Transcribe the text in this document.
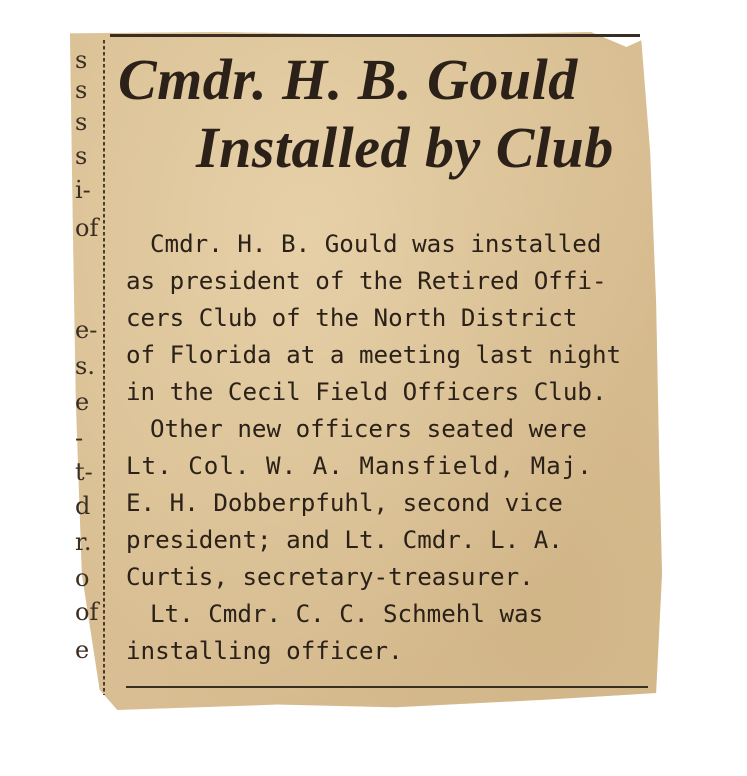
s
s
s
s
i-
of
e-
s.
e
-
t-
d
r.
o
of
e
Cmdr. H. B. Gould
Installed by Club
Cmdr. H. B. Gould was installed
as president of the Retired Offi-
cers Club of the North District
of Florida at a meeting last night
in the Cecil Field Officers Club.
Other new officers seated were
Lt. Col. W. A. Mansfield, Maj.
E. H. Dobberpfuhl, second vice
president; and Lt. Cmdr. L. A.
Curtis, secretary-treasurer.
Lt. Cmdr. C. C. Schmehl was
installing officer.
